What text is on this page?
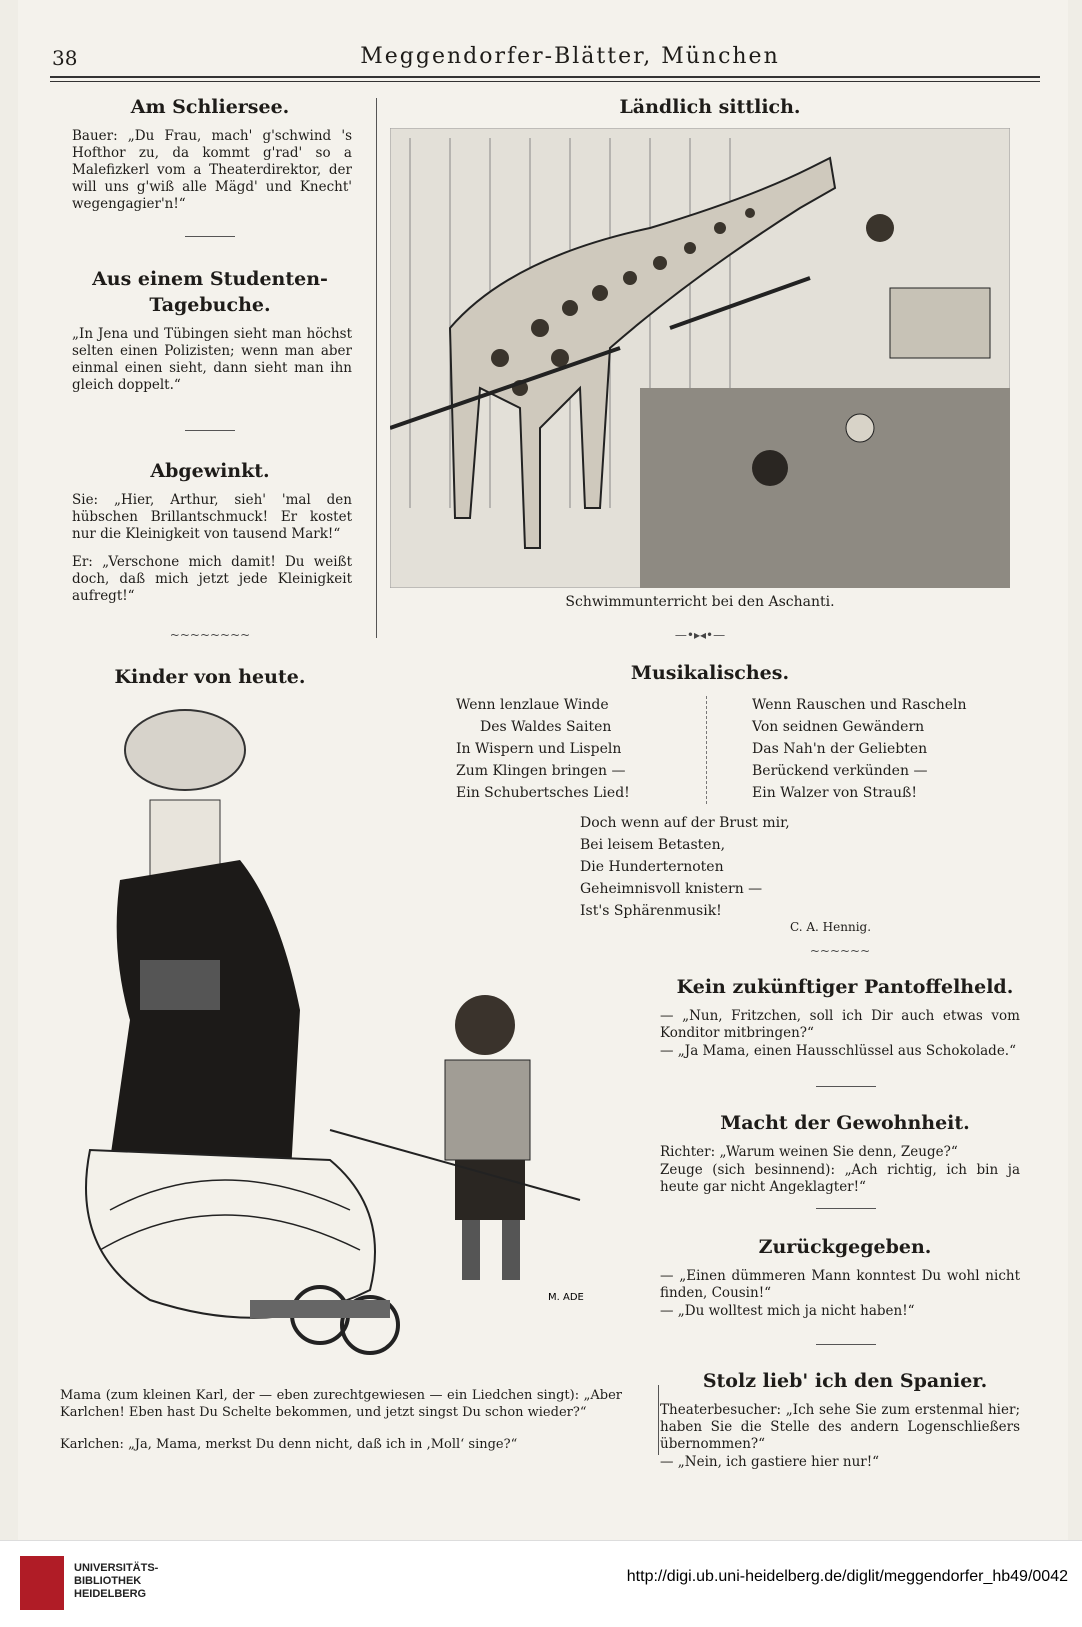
38	Meggendorfer-Blätter, München
Am Schliersee.
Bauer: „Du Frau, mach' g'schwind 's Hofthor zu, da kommt g'rad' so a Malefizkerl vom a Theaterdirektor, der will uns g'wiß alle Mägd' und Knecht' wegengagier'n!“
Aus einem Studenten-
Tagebuche.
„In Jena und Tübingen sieht man höchst selten einen Polizisten; wenn man aber einmal einen sieht, dann sieht man ihn gleich doppelt.“
Abgewinkt.
Sie: „Hier, Arthur, sieh' 'mal den hübschen Brillantschmuck! Er kostet nur die Kleinigkeit von tausend Mark!“
Er: „Verschone mich damit! Du weißt doch, daß mich jetzt jede Kleinigkeit aufregt!“
~~~~~~~~
Kinder von heute.
M. ADE
Mama (zum kleinen Karl, der — eben zurechtgewiesen — ein Liedchen singt): „Aber Karlchen! Eben hast Du Schelte bekommen, und jetzt singst Du schon wieder?“
Karlchen: „Ja, Mama, merkst Du denn nicht, daß ich in ‚Moll‘ singe?“
Ländlich sittlich.
Schwimmunterricht bei den Aschanti.
—•▸◂•—
Musikalisches.
Wenn lenzlaue Winde
Des Waldes Saiten
In Wispern und Lispeln
Zum Klingen bringen —
Ein Schubertsches Lied!
Wenn Rauschen und Rascheln
Von seidnen Gewändern
Das Nah'n der Geliebten
Berückend verkünden —
Ein Walzer von Strauß!
Doch wenn auf der Brust mir,
Bei leisem Betasten,
Die Hunderternoten
Geheimnisvoll knistern —
Ist's Sphärenmusik!
C. A. Hennig.
~~~~~~
Kein zukünftiger Pantoffelheld.
— „Nun, Fritzchen, soll ich Dir auch etwas vom Konditor mitbringen?“
— „Ja Mama, einen Hausschlüssel aus Schokolade.“
Macht der Gewohnheit.
Richter: „Warum weinen Sie denn, Zeuge?“
Zeuge (sich besinnend): „Ach richtig, ich bin ja heute gar nicht Angeklagter!“
Zurückgegeben.
— „Einen dümmeren Mann konntest Du wohl nicht finden, Cousin!“
— „Du wolltest mich ja nicht haben!“
Stolz lieb' ich den Spanier.
Theaterbesucher: „Ich sehe Sie zum erstenmal hier; haben Sie die Stelle des andern Logenschließers übernommen?“
— „Nein, ich gastiere hier nur!“
UNIVERSITÄTS-
BIBLIOTHEK
HEIDELBERG
http://digi.ub.uni-heidelberg.de/diglit/meggendorfer_hb49/0042
